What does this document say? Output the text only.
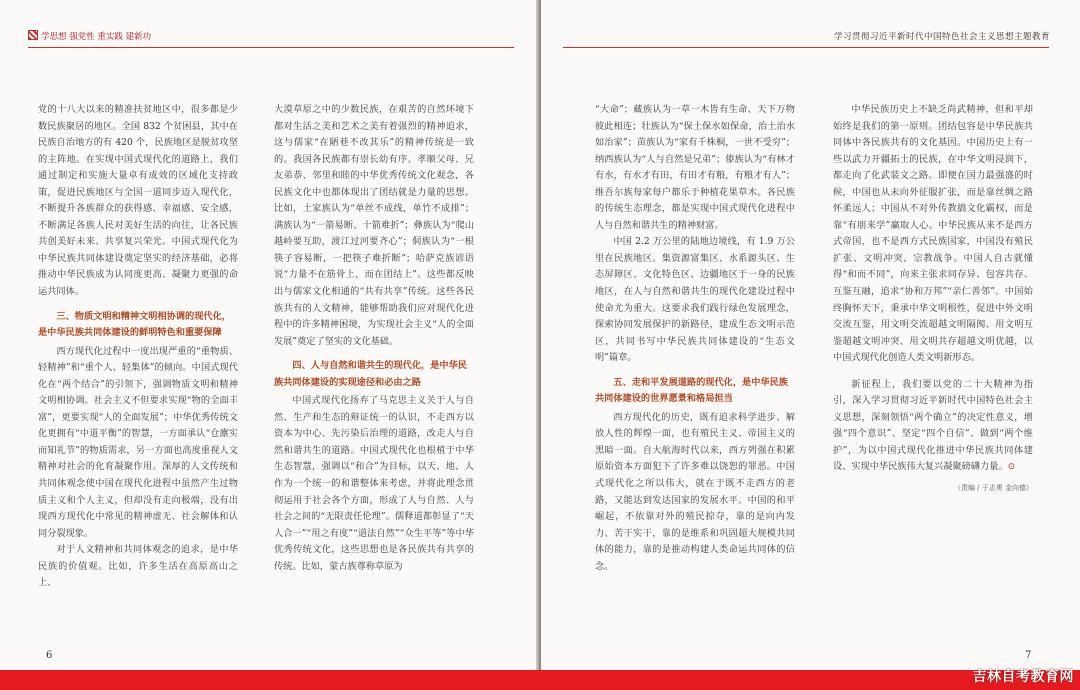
学思想 强党性 重实践 建新功

党的十八大以来的精准扶贫地区中，很多都是少数民族聚居的地区。全国 832 个贫困县，其中在民族自治地方的有 420 个，民族地区是脱贫攻坚的主阵地。在实现中国式现代化的道路上，我们通过制定和实施大量卓有成效的区域化支持政策，促进民族地区与全国一道同步迈入现代化，不断提升各族群众的获得感、幸福感、安全感，不断满足各族人民对美好生活的向往，让各民族共创美好未来、共享复兴荣光。中国式现代化为中华民族共同体建设奠定坚实的经济基础，必将推动中华民族成为认同度更高、凝聚力更强的命运共同体。

三、物质文明和精神文明相协调的现代化，
是中华民族共同体建设的鲜明特色和重要保障

西方现代化过程中一度出现严重的“重物质、轻精神”和“重个人、轻集体”的倾向。中国式现代化在“两个结合”的引领下，强调物质文明和精神文明相协调。社会主义不但要求实现“物的全面丰富”，更要实现“人的全面发展”；中华优秀传统文化更拥有“中道平衡”的智慧，一方面承认“仓廪实而知礼节”的物质需求，另一方面也高度重视人文精神对社会的化育凝聚作用。深厚的人文传统和共同体观念使中国在现代化进程中虽然产生过物质主义和个人主义，但却没有走向极端，没有出现西方现代化中常见的精神虚无、社会解体和认同分裂现象。

对于人文精神和共同体观念的追求，是中华民族的价值观。比如，许多生活在高原高山之上、

大漠草原之中的少数民族，在艰苦的自然环境下都对生活之美和艺术之美有着强烈的精神追求，这与儒家“在陋巷不改其乐”的精神传统是一致的。我国各民族都有崇长幼有序、孝顺父母、兄友弟恭、邻里和睦的中华优秀传统文化观念，各民族文化中也都体现出了团结就是力量的思想。比如，土家族认为“单丝不成线，单竹不成排”；满族认为“一箭易断、十箭难折”；彝族认为“爬山越岭要互助，渡江过河要齐心”；侗族认为“一根筷子容易断，一把筷子难折断”；哈萨克族谚语说“力量不在筋骨上，而在团结上”。这些都反映出与儒家文化相通的“共有共享”传统。这些各民族共有的人文精神，能够帮助我们应对现代化进程中的许多精神困境，为实现社会主义“人的全面发展”奠定了坚实的文化基础。

四、人与自然和谐共生的现代化，是中华民
族共同体建设的实现途径和必由之路

中国式现代化扬弃了马克思主义关于人与自然、生产和生态的辩证统一的认识，不走西方以资本为中心、先污染后治理的道路，改走人与自然和谐共生的道路。中国式现代化也根植于中华生态智慧，强调以“和合”为目标，以天、地、人作为一个统一的和谐整体来考虑，并将此理念贯彻运用于社会各个方面，形成了人与自然、人与社会之间的“无限责任伦理”。儒释道都彰显了“天人合一”“用之有度”“道法自然”“众生平等”等中华优秀传统文化，这些思想也是各民族共有共享的传统。比如，蒙古族尊称草原为

6
学习贯彻习近平新时代中国特色社会主义思想主题教育

“大命”；藏族认为一草一木皆有生命、天下万物彼此相连；壮族认为“保土保水如保命，治土治水如治家”；苗族认为“家有千株桐，一世不受穷”；纳西族认为“人与自然是兄弟”；傣族认为“有林才有水，有水才有田，有田才有粮，有粮才有人”；维吾尔族每家每户都乐于种植花果草木。各民族的传统生态理念，都是实现中国式现代化进程中人与自然和谐共生的精神财富。

中国 2.2 万公里的陆地边境线，有 1.9 万公里在民族地区。集资源富集区、水系源头区、生态屏障区、文化特色区、边疆地区于一身的民族地区，在人与自然和谐共生的现代化建设过程中使命尤为重大。这要求我们践行绿色发展理念，探索协同发展保护的新路径，建成生态文明示范区，共同书写中华民族共同体建设的“生态文明”篇章。

五、走和平发展道路的现代化，是中华民族
共同体建设的世界愿景和格局担当

西方现代化的历史，既有追求科学进步、解放人性的辉煌一面，也有殖民主义、帝国主义的黑暗一面。自大航海时代以来，西方列强在积累原始资本方面犯下了许多难以饶恕的罪恶。中国式现代化之所以伟大，就在于既不走西方的老路，又能达到发达国家的发展水平。中国的和平崛起，不依靠对外的殖民掠夺，靠的是向内发力、苦干实干，靠的是维系和巩固超大规模共同体的能力，靠的是推动构建人类命运共同体的信念。

中华民族历史上不缺乏尚武精神，但和平却始终是我们的第一原则。团结包容是中华民族共同体中各民族共有的文化基因。中国历史上有一些以武力开疆拓土的民族，在中华文明浸润下，都走向了化武装文之路。即便在国力最强盛的时候，中国也从未向外征服扩张，而是靠丝绸之路怀柔远人；中国从不对外传教搞文化霸权，而是靠“有朋来学”赢取人心。中华民族从来不是西方式帝国，也不是西方式民族国家，中国没有殖民扩张、文明冲突、宗教战争。中国人自古就懂得“和而不同”，向来主张求同存异、包容共存、互鉴互融，追求“协和万邦”“亲仁善邻”。中国始终胸怀天下，秉承中华文明根性，促进中外文明交流互鉴，用文明交流超越文明隔阂、用文明互鉴超越文明冲突、用文明共存超越文明优越，以中国式现代化创造人类文明新形态。

新征程上，我们要以党的二十大精神为指引，深入学习贯彻习近平新时代中国特色社会主义思想，深刻领悟“两个确立”的决定性意义，增强“四个意识”、坚定“四个自信”、做到“两个维护”，为以中国式现代化推进中华民族共同体建设、实现中华民族伟大复兴凝聚磅礴力量。⊙

（责编 / 于志勇 金向德）

7
吉林自考教育网
